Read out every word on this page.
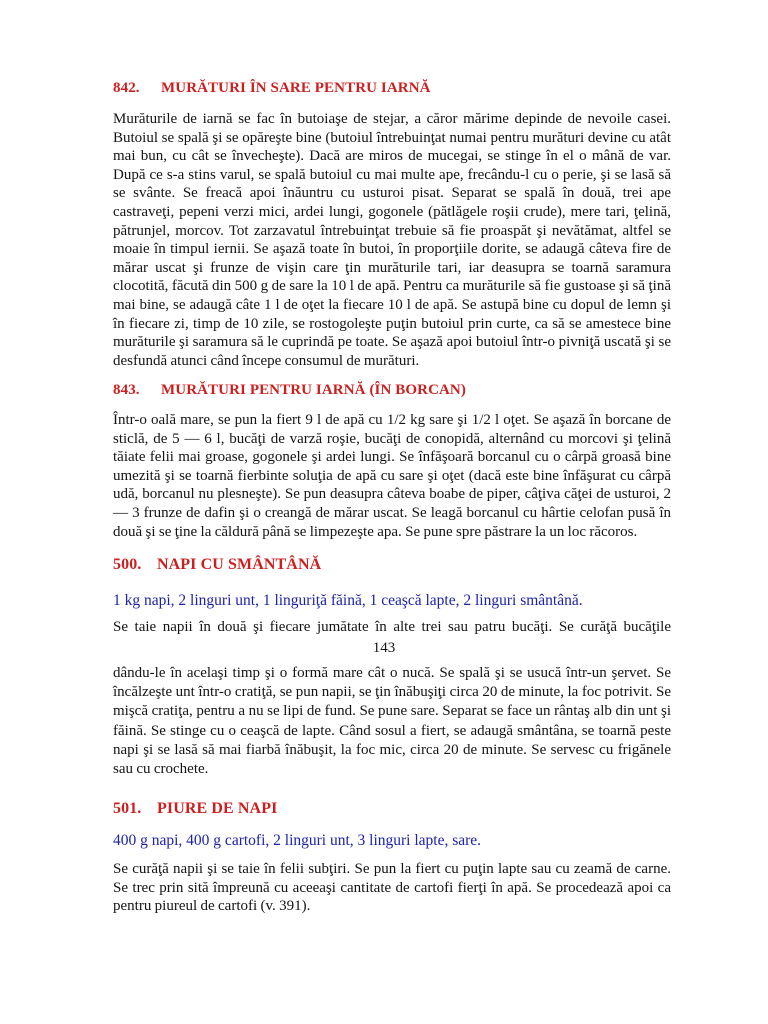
842. MURĂTURI ÎN SARE PENTRU IARNĂ
Murăturile de iarnă se fac în butoiaşe de stejar, a căror mărime depinde de nevoile casei. Butoiul se spală şi se opăreşte bine (butoiul întrebuinţat numai pentru murături devine cu atât mai bun, cu cât se învecheşte). Dacă are miros de mucegai, se stinge în el o mână de var. După ce s-a stins varul, se spală butoiul cu mai multe ape, frecându-l cu o perie, şi se lasă să se svânte. Se freacă apoi înăuntru cu usturoi pisat. Separat se spală în două, trei ape castraveţi, pepeni verzi mici, ardei lungi, gogonele (pătlăgele roşii crude), mere tari, ţelină, pătrunjel, morcov. Tot zarzavatul întrebuinţat trebuie să fie proaspăt şi nevătămat, altfel se moaie în timpul iernii. Se aşază toate în butoi, în proporţiile dorite, se adaugă câteva fire de mărar uscat şi frunze de vişin care ţin murăturile tari, iar deasupra se toarnă saramura clocotită, făcută din 500 g de sare la 10 l de apă. Pentru ca murăturile să fie gustoase şi să ţină mai bine, se adaugă câte 1 l de oţet la fiecare 10 l de apă. Se astupă bine cu dopul de lemn şi în fiecare zi, timp de 10 zile, se rostogoleşte puţin butoiul prin curte, ca să se amestece bine murăturile şi saramura să le cuprindă pe toate. Se aşază apoi butoiul într-o pivniţă uscată şi se desfundă atunci când începe consumul de murături.
843. MURĂTURI PENTRU IARNĂ (ÎN BORCAN)
Într-o oală mare, se pun la fiert 9 l de apă cu 1/2 kg sare şi 1/2 l oţet. Se aşază în borcane de sticlă, de 5 — 6 l, bucăţi de varză roşie, bucăţi de conopidă, alternând cu morcovi şi ţelină tăiate felii mai groase, gogonele şi ardei lungi. Se înfăşoară borcanul cu o cârpă groasă bine umezită şi se toarnă fierbinte soluţia de apă cu sare şi oţet (dacă este bine înfăşurat cu cârpă udă, borcanul nu plesneşte). Se pun deasupra câteva boabe de piper, câţiva căţei de usturoi, 2 — 3 frunze de dafin şi o creangă de mărar uscat. Se leagă borcanul cu hârtie celofan pusă în două şi se ţine la căldură până se limpezeşte apa. Se pune spre păstrare la un loc răcoros.
500. NAPI CU SMÂNTÂNĂ
1 kg napi, 2 linguri unt, 1 linguriţă făină, 1 ceaşcă lapte, 2 linguri smântână.
Se taie napii în două şi fiecare jumătate în alte trei sau patru bucăţi. Se curăţă bucăţile
143
dându-le în acelaşi timp şi o formă mare cât o nucă. Se spală şi se usucă într-un şervet. Se încălzeşte unt într-o cratiţă, se pun napii, se ţin înăbuşiţi circa 20 de minute, la foc potrivit. Se mişcă cratiţa, pentru a nu se lipi de fund. Se pune sare. Separat se face un rântaş alb din unt şi făină. Se stinge cu o ceaşcă de lapte. Când sosul a fiert, se adaugă smântâna, se toarnă peste napi şi se lasă să mai fiarbă înăbuşit, la foc mic, circa 20 de minute. Se servesc cu frigănele sau cu crochete.
501. PIURE DE NAPI
400 g napi, 400 g cartofi, 2 linguri unt, 3 linguri lapte, sare.
Se curăţă napii şi se taie în felii subţiri. Se pun la fiert cu puţin lapte sau cu zeamă de carne. Se trec prin sită împreună cu aceeaşi cantitate de cartofi fierţi în apă. Se procedează apoi ca pentru piureul de cartofi (v. 391).
